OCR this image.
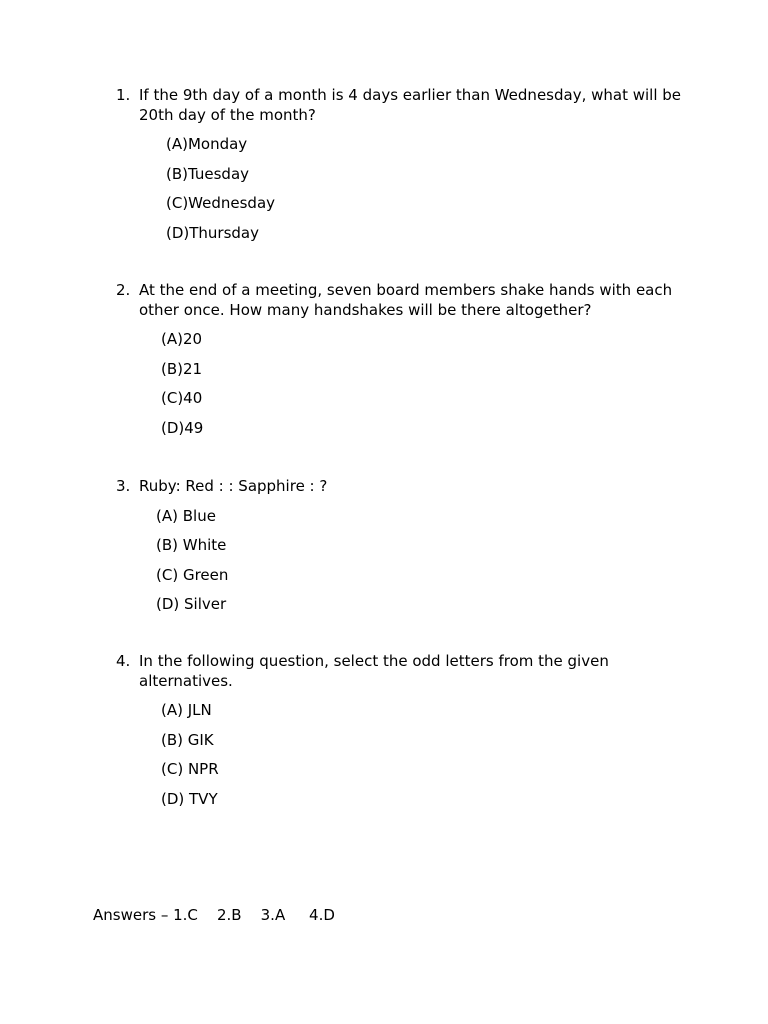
1. If the 9th day of a month is 4 days earlier than Wednesday, what will be 20th day of the month?
(A)Monday
(B)Tuesday
(C)Wednesday
(D)Thursday
2. At the end of a meeting, seven board members shake hands with each other once. How many handshakes will be there altogether?
(A)20
(B)21
(C)40
(D)49
3. Ruby: Red : : Sapphire : ?
(A) Blue
(B) White
(C) Green
(D) Silver
4. In the following question, select the odd letters from the given alternatives.
(A) JLN
(B) GIK
(C) NPR
(D) TVY
Answers – 1.C    2.B    3.A     4.D
